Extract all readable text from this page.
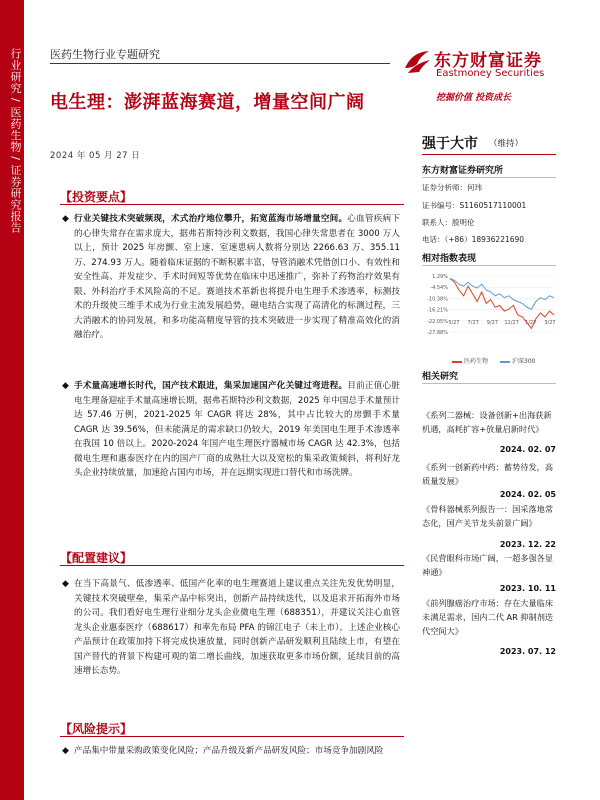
行业研究 / 医药生物 / 证券研究报告	医药生物行业专题研究
电生理：澎湃蓝海赛道，增量空间广阔
2024 年 05 月 27 日
东方财富证券
Eastmoney Securities
挖掘价值 投资成长
强于大市 （维持）
东方财富证券研究所
证券分析师：何玮
证书编号：S1160517110001
联系人：殷明伦
电话：（+86）18936221690
相对指数表现
1.29%
-4.54%
-10.38%
-16.21%
-22.05%
-27.88%
5/27 7/27 9/27 11/27 1/27 3/27
医药生物	沪深300
相关研究
《系列二器械：设备创新+出海获新机遇，高耗扩容+放量启新时代》
2024. 02. 07
《系列一创新药中药：蓄势待发，高质量发展》
2024. 02. 05
《骨科器械系列报告一：国采落地常态化，国产关节龙头前景广阔》
2023. 12. 22
《民营眼科市场广阔，一超多强各显神通》
2023. 10. 11
《前列腺癌治疗市场：存在大量临床未满足需求，国内二代 AR 抑制剂迭代空间大》
2023. 07. 12
【投资要点】
◆ 行业关键技术突破频现，术式治疗地位攀升，拓宽蓝海市场增量空间。心血管疾病下的心律失常存在需求庞大，据弗若斯特沙利文数据，我国心律失常患者在 3000 万人以上，预计 2025 年房颤、室上速、室速患病人数将分别达 2266.63 万、355.11 万、274.93 万人。随着临床证据的不断积累丰富，导管消融术凭借创口小、有效性和安全性高、并发症少、手术时间短等优势在临床中迅速推广，弥补了药物治疗效果有限、外科治疗手术风险高的不足。赛道技术革新也将提升电生理手术渗透率，标测技术的升级使三维手术成为行业主流发展趋势，磁电结合实现了高清化的标测过程，三大消融术的协同发展，和多功能高精度导管的技术突破进一步实现了精准高效化的消融治疗。
◆ 手术量高速增长时代，国产技术跟进，集采加速国产化关键过弯进程。目前正值心脏电生理备迎症手术量高速增长期，据弗若斯特沙利文数据，2025 年中国总手术量预计达 57.46 万例，2021-2025 年 CAGR 将达 28%，其中占比较大的房颤手术量 CAGR 达 39.56%，但未能满足的需求缺口仍较大，2019 年美国电生理手术渗透率在我国 10 倍以上。2020-2024 年国产电生理医疗器械市场 CAGR 达 42.3%，包括微电生理和惠泰医疗在内的国产厂商的成熟壮大以及宽松的集采政策倾斜，将利好龙头企业持续放量，加速抢占国内市场，并在远期实现进口替代和市场洗牌。
【配置建议】
◆ 在当下高景气、低渗透率、低国产化率的电生理赛道上建议重点关注先发优势明显，关键技术突破壁垒，集采产品中标突出，创新产品持续迭代，以及追求开拓海外市场的公司。我们看好电生理行业细分龙头企业微电生理（688351），并建议关注心血管龙头企业惠泰医疗（688617）和率先布局 PFA 的锦江电子（未上市）。上述企业核心产品预计在政策加持下将完成快速放量，同时创新产品研发顺利且陆续上市，有望在国产替代的背景下构建可观的第二增长曲线，加速获取更多市场份额，延续目前的高速增长态势。
【风险提示】
◆ 产品集中带量采购政策变化风险；产品升级及新产品研发风险；市场竞争加剧风险
